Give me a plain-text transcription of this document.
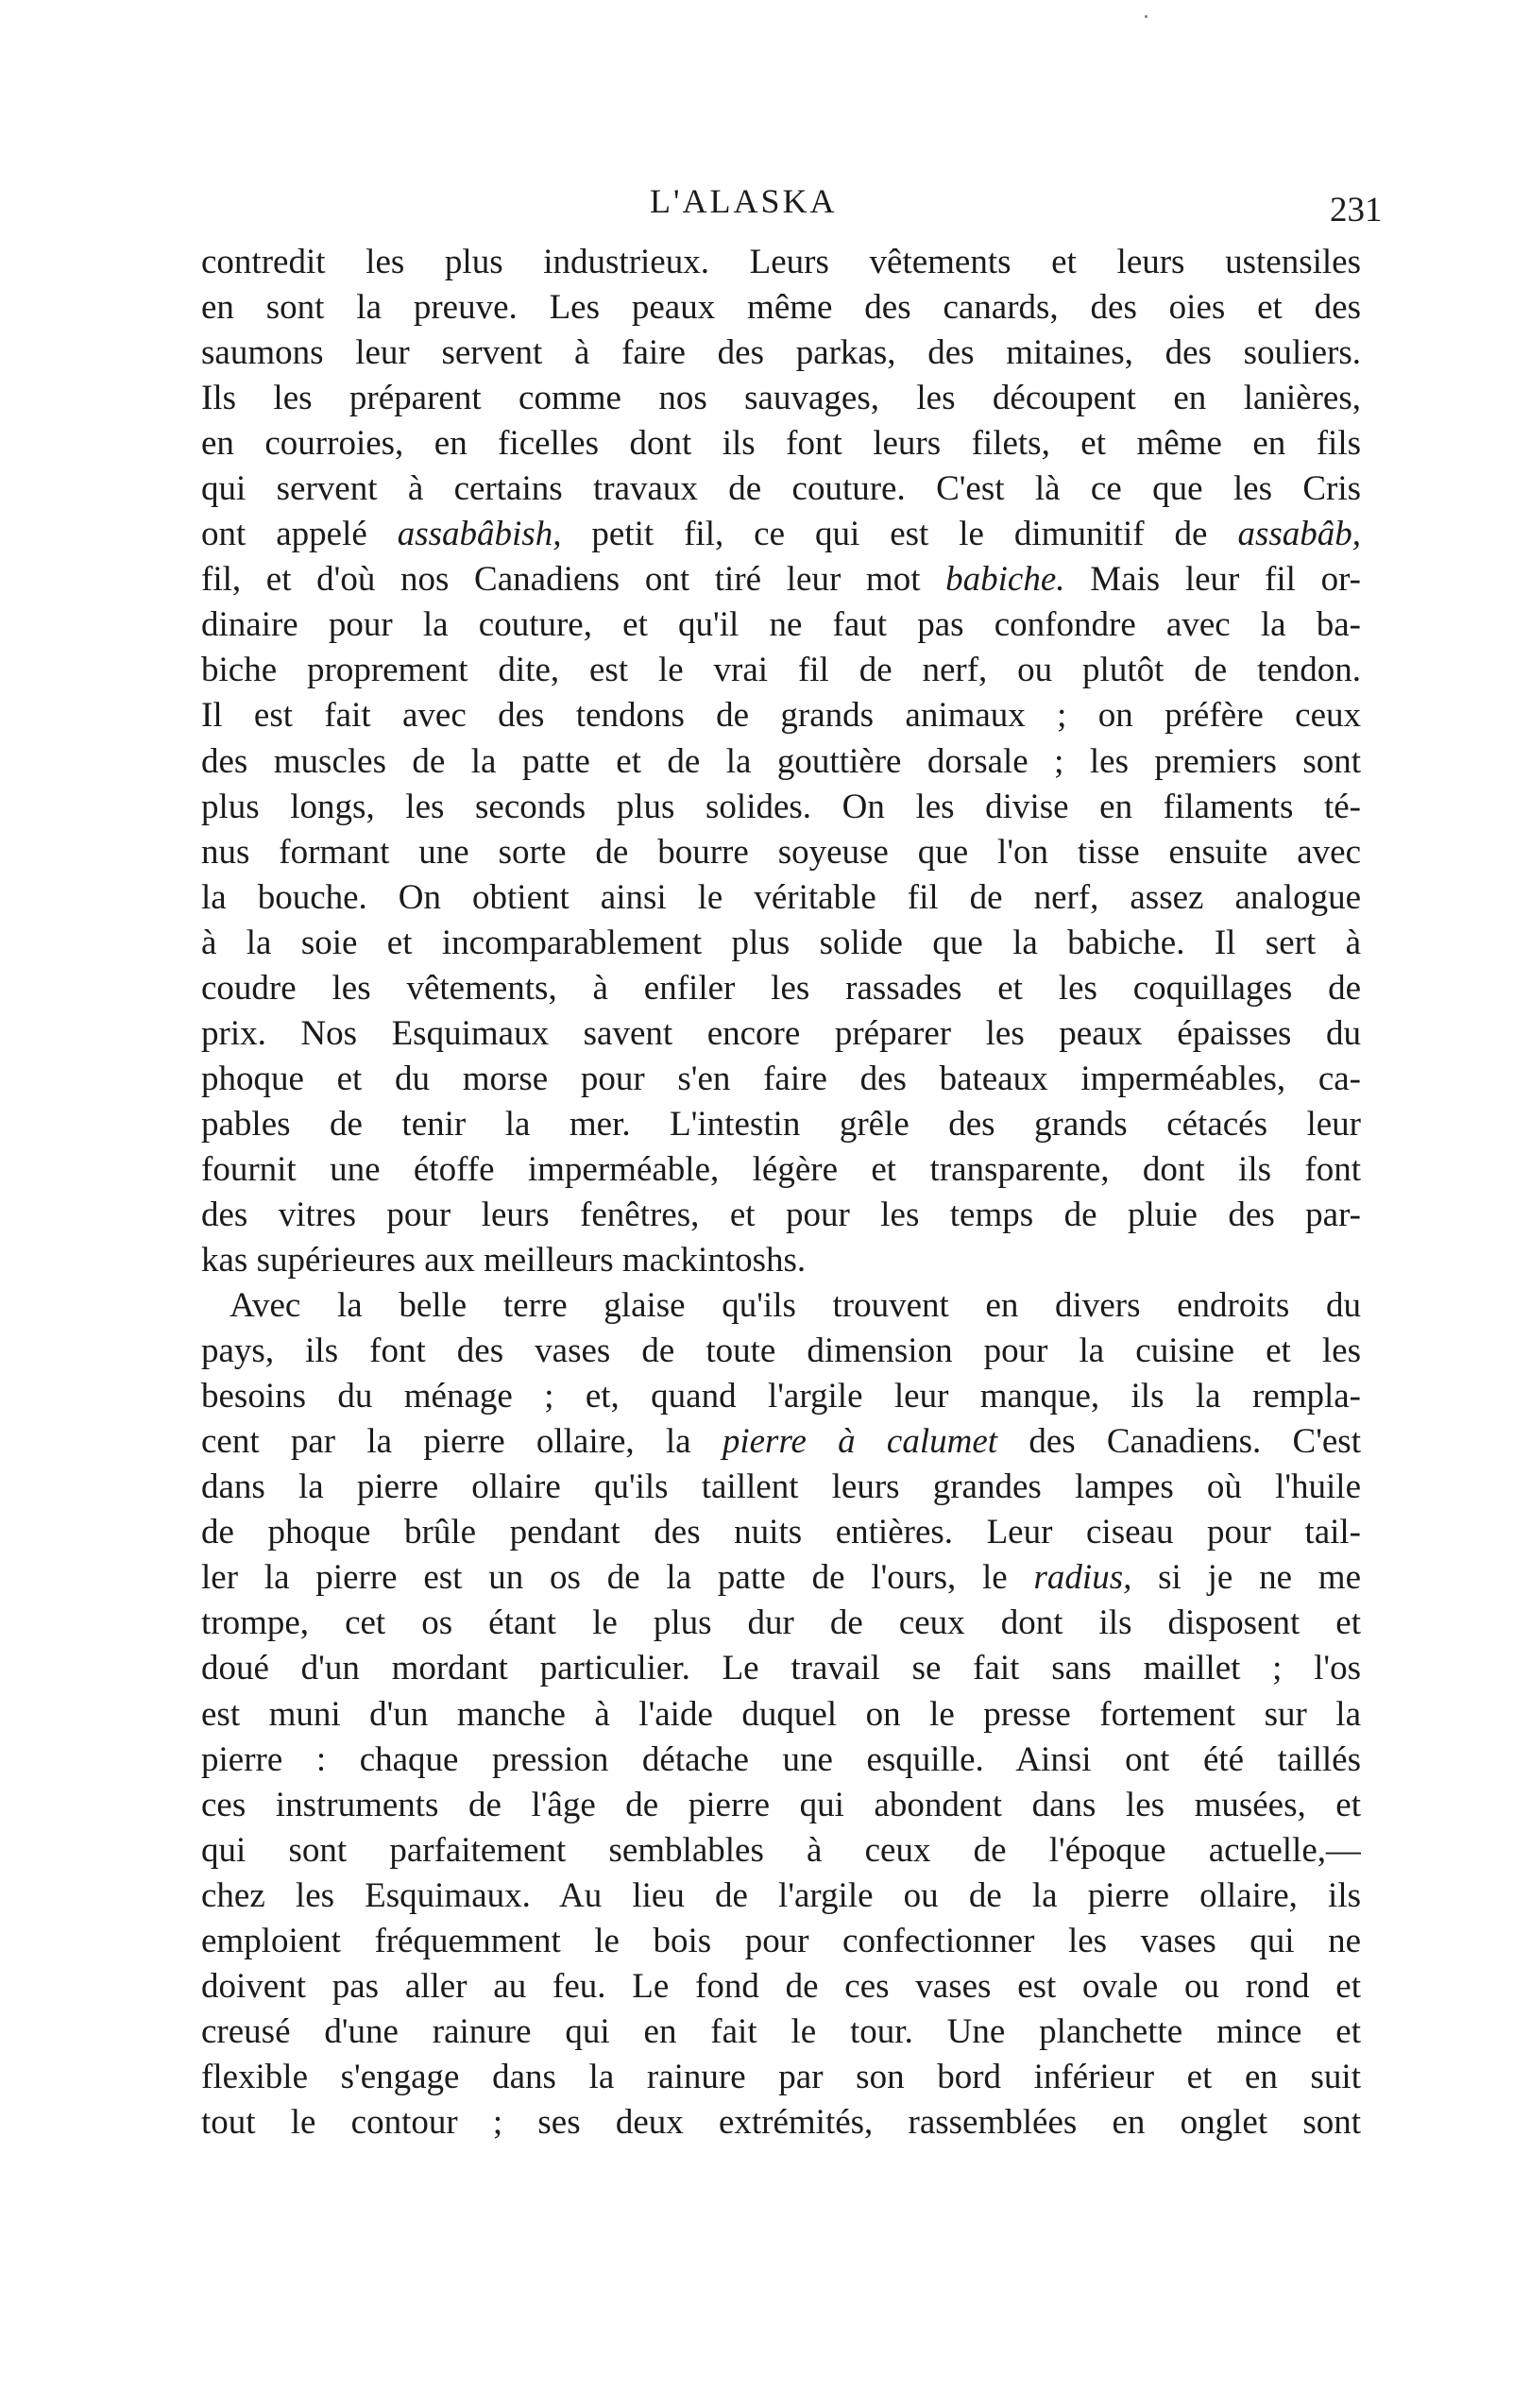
L'ALASKA	231
contredit les plus industrieux. Leurs vêtements et leurs ustensiles
en sont la preuve. Les peaux même des canards, des oies et des
saumons leur servent à faire des parkas, des mitaines, des souliers.
Ils les préparent comme nos sauvages, les découpent en lanières,
en courroies, en ficelles dont ils font leurs filets, et même en fils
qui servent à certains travaux de couture. C'est là ce que les Cris
ont appelé assabâbish, petit fil, ce qui est le dimunitif de assabâb,
fil, et d'où nos Canadiens ont tiré leur mot babiche. Mais leur fil or-
dinaire pour la couture, et qu'il ne faut pas confondre avec la ba-
biche proprement dite, est le vrai fil de nerf, ou plutôt de tendon.
Il est fait avec des tendons de grands animaux ; on préfère ceux
des muscles de la patte et de la gouttière dorsale ; les premiers sont
plus longs, les seconds plus solides. On les divise en filaments té-
nus formant une sorte de bourre soyeuse que l'on tisse ensuite avec
la bouche. On obtient ainsi le véritable fil de nerf, assez analogue
à la soie et incomparablement plus solide que la babiche. Il sert à
coudre les vêtements, à enfiler les rassades et les coquillages de
prix. Nos Esquimaux savent encore préparer les peaux épaisses du
phoque et du morse pour s'en faire des bateaux imperméables, ca-
pables de tenir la mer. L'intestin grêle des grands cétacés leur
fournit une étoffe imperméable, légère et transparente, dont ils font
des vitres pour leurs fenêtres, et pour les temps de pluie des par-
kas supérieures aux meilleurs mackintoshs.
Avec la belle terre glaise qu'ils trouvent en divers endroits du
pays, ils font des vases de toute dimension pour la cuisine et les
besoins du ménage ; et, quand l'argile leur manque, ils la rempla-
cent par la pierre ollaire, la pierre à calumet des Canadiens. C'est
dans la pierre ollaire qu'ils taillent leurs grandes lampes où l'huile
de phoque brûle pendant des nuits entières. Leur ciseau pour tail-
ler la pierre est un os de la patte de l'ours, le radius, si je ne me
trompe, cet os étant le plus dur de ceux dont ils disposent et
doué d'un mordant particulier. Le travail se fait sans maillet ; l'os
est muni d'un manche à l'aide duquel on le presse fortement sur la
pierre : chaque pression détache une esquille. Ainsi ont été taillés
ces instruments de l'âge de pierre qui abondent dans les musées, et
qui sont parfaitement semblables à ceux de l'époque actuelle,—
chez les Esquimaux. Au lieu de l'argile ou de la pierre ollaire, ils
emploient fréquemment le bois pour confectionner les vases qui ne
doivent pas aller au feu. Le fond de ces vases est ovale ou rond et
creusé d'une rainure qui en fait le tour. Une planchette mince et
flexible s'engage dans la rainure par son bord inférieur et en suit
tout le contour ; ses deux extrémités, rassemblées en onglet sont
